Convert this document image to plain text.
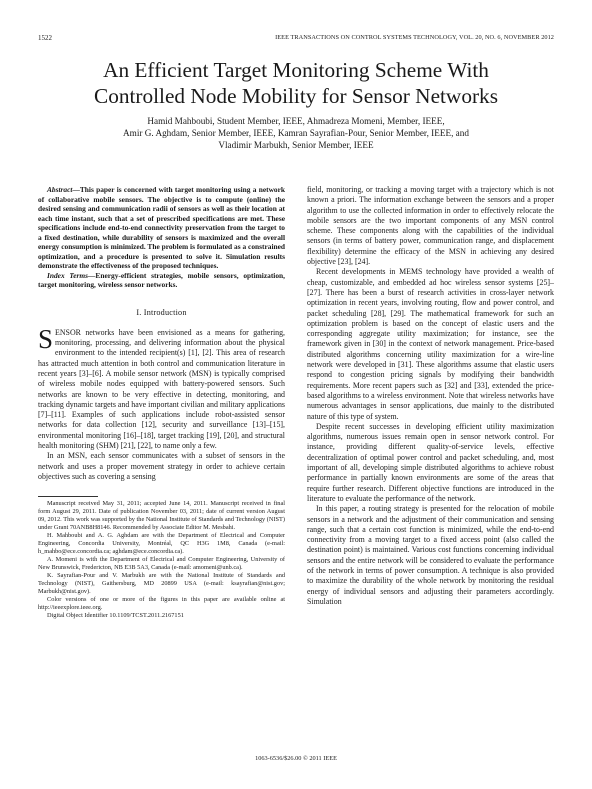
1522	IEEE TRANSACTIONS ON CONTROL SYSTEMS TECHNOLOGY, VOL. 20, NO. 6, NOVEMBER 2012
An Efficient Target Monitoring Scheme With
Controlled Node Mobility for Sensor Networks
Hamid Mahboubi, Student Member, IEEE, Ahmadreza Momeni, Member, IEEE,
Amir G. Aghdam, Senior Member, IEEE, Kamran Sayrafian-Pour, Senior Member, IEEE, and
Vladimir Marbukh, Senior Member, IEEE

Abstract—This paper is concerned with target monitoring using a network of collaborative mobile sensors. The objective is to compute (online) the desired sensing and communication radii of sensors as well as their location at each time instant, such that a set of prescribed specifications are met. These specifications include end-to-end connectivity preservation from the target to a fixed destination, while durability of sensors is maximized and the overall energy consumption is minimized. The problem is formulated as a constrained optimization, and a procedure is presented to solve it. Simulation results demonstrate the effectiveness of the proposed techniques.

Index Terms—Energy-efficient strategies, mobile sensors, optimization, target monitoring, wireless sensor networks.

I. Introduction

SENSOR networks have been envisioned as a means for gathering, monitoring, processing, and delivering information about the physical environment to the intended recipient(s) [1], [2]. This area of research has attracted much attention in both control and communication literature in recent years [3]–[6]. A mobile sensor network (MSN) is typically comprised of wireless mobile nodes equipped with battery-powered sensors. Such networks are known to be very effective in detecting, monitoring, and tracking dynamic targets and have important civilian and military applications [7]–[11]. Examples of such applications include robot-assisted sensor networks for data collection [12], security and surveillance [13]–[15], environmental monitoring [16]–[18], target tracking [19], [20], and structural health monitoring (SHM) [21], [22], to name only a few.

In an MSN, each sensor communicates with a subset of sensors in the network and uses a proper movement strategy in order to achieve certain objectives such as covering a sensing

Manuscript received May 31, 2011; accepted June 14, 2011. Manuscript received in final form August 29, 2011. Date of publication November 03, 2011; date of current version August 09, 2012. This work was supported by the National Institute of Standards and Technology (NIST) under Grant 70ANB8H8146. Recommended by Associate Editor M. Mesbahi.

H. Mahboubi and A. G. Aghdam are with the Department of Electrical and Computer Engineering, Concordia University, Montréal, QC H3G 1M8, Canada (e-mail: h_mahbo@ece.concordia.ca; aghdam@ece.concordia.ca).

A. Momeni is with the Department of Electrical and Computer Engineering, University of New Brunswick, Fredericton, NB E3B 5A3, Canada (e-mail: amomeni@unb.ca).

K. Sayrafian-Pour and V. Marbukh are with the National Institute of Standards and Technology (NIST), Gaithersburg, MD 20899 USA (e-mail: ksayrafian@nist.gov; Marbukh@nist.gov).

Color versions of one or more of the figures in this paper are available online at http://ieeexplore.ieee.org.

Digital Object Identifier 10.1109/TCST.2011.2167151

field, monitoring, or tracking a moving target with a trajectory which is not known a priori. The information exchange between the sensors and a proper algorithm to use the collected information in order to effectively relocate the mobile sensors are the two important components of any MSN control scheme. These components along with the capabilities of the individual sensors (in terms of battery power, communication range, and displacement flexibility) determine the efficacy of the MSN in achieving any desired objective [23], [24].

Recent developments in MEMS technology have provided a wealth of cheap, customizable, and embedded ad hoc wireless sensor systems [25]–[27]. There has been a burst of research activities in cross-layer network optimization in recent years, involving routing, flow and power control, and packet scheduling [28], [29]. The mathematical framework for such an optimization problem is based on the concept of elastic users and the corresponding aggregate utility maximization; for instance, see the framework given in [30] in the context of network management. Price-based distributed algorithms concerning utility maximization for a wire-line network were developed in [31]. These algorithms assume that elastic users respond to congestion pricing signals by modifying their bandwidth requirements. More recent papers such as [32] and [33], extended the price-based algorithms to a wireless environment. Note that wireless networks have numerous advantages in sensor applications, due mainly to the distributed nature of this type of system.

Despite recent successes in developing efficient utility maximization algorithms, numerous issues remain open in sensor network control. For instance, providing different quality-of-service levels, effective decentralization of optimal power control and packet scheduling, and, most important of all, developing simple distributed algorithms to achieve robust performance in partially known environments are some of the areas that require further research. Different objective functions are introduced in the literature to evaluate the performance of the network.

In this paper, a routing strategy is presented for the relocation of mobile sensors in a network and the adjustment of their communication and sensing range, such that a certain cost function is minimized, while the end-to-end connectivity from a moving target to a fixed access point (also called the destination point) is maintained. Various cost functions concerning individual sensors and the entire network will be considered to evaluate the performance of the network in terms of power consumption. A technique is also provided to maximize the durability of the whole network by monitoring the residual energy of individual sensors and adjusting their parameters accordingly. Simulation

1063-6536/$26.00 © 2011 IEEE
